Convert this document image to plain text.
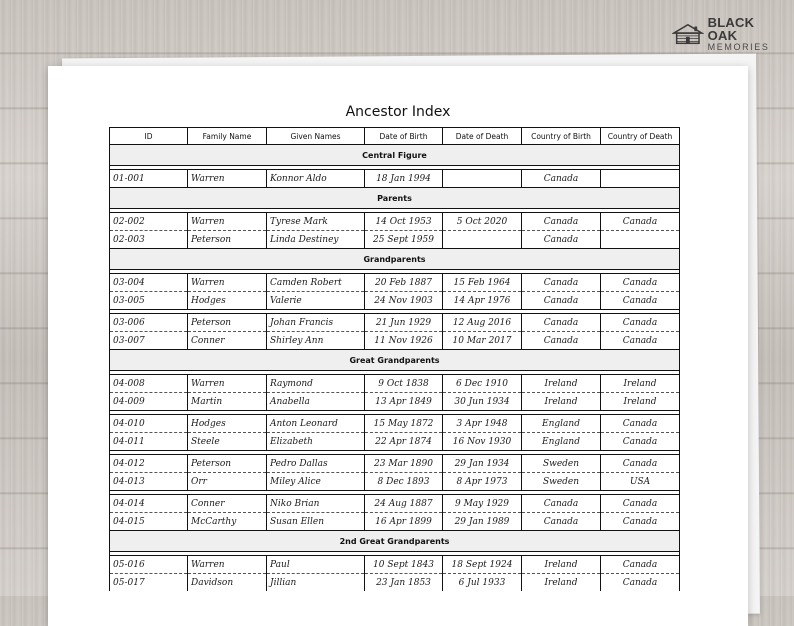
BLACK OAK
MEMORIES
Ancestor Index
ID	Family Name	Given Names	Date of Birth	Date of Death	Country of Birth	Country of Death
Central Figure						

01-001	Warren	Konnor Aldo	18 Jan 1994		Canada	
Parents						

02-002	Warren	Tyrese Mark	14 Oct 1953	5 Oct 2020	Canada	Canada
02-003	Peterson	Linda Destiney	25 Sept 1959		Canada	
Grandparents						

03-004	Warren	Camden Robert	20 Feb 1887	15 Feb 1964	Canada	Canada
03-005	Hodges	Valerie	24 Nov 1903	14 Apr 1976	Canada	Canada

03-006	Peterson	Johan Francis	21 Jun 1929	12 Aug 2016	Canada	Canada
03-007	Conner	Shirley Ann	11 Nov 1926	10 Mar 2017	Canada	Canada
Great Grandparents						

04-008	Warren	Raymond	9 Oct 1838	6 Dec 1910	Ireland	Ireland
04-009	Martin	Anabella	13 Apr 1849	30 Jun 1934	Ireland	Ireland

04-010	Hodges	Anton Leonard	15 May 1872	3 Apr 1948	England	Canada
04-011	Steele	Elizabeth	22 Apr 1874	16 Nov 1930	England	Canada

04-012	Peterson	Pedro Dallas	23 Mar 1890	29 Jan 1934	Sweden	Canada
04-013	Orr	Miley Alice	8 Dec 1893	8 Apr 1973	Sweden	USA

04-014	Conner	Niko Brian	24 Aug 1887	9 May 1929	Canada	Canada
04-015	McCarthy	Susan Ellen	16 Apr 1899	29 Jan 1989	Canada	Canada
2nd Great Grandparents						

05-016	Warren	Paul	10 Sept 1843	18 Sept 1924	Ireland	Canada
05-017	Davidson	Jillian	23 Jan 1853	6 Jul 1933	Ireland	Canada
